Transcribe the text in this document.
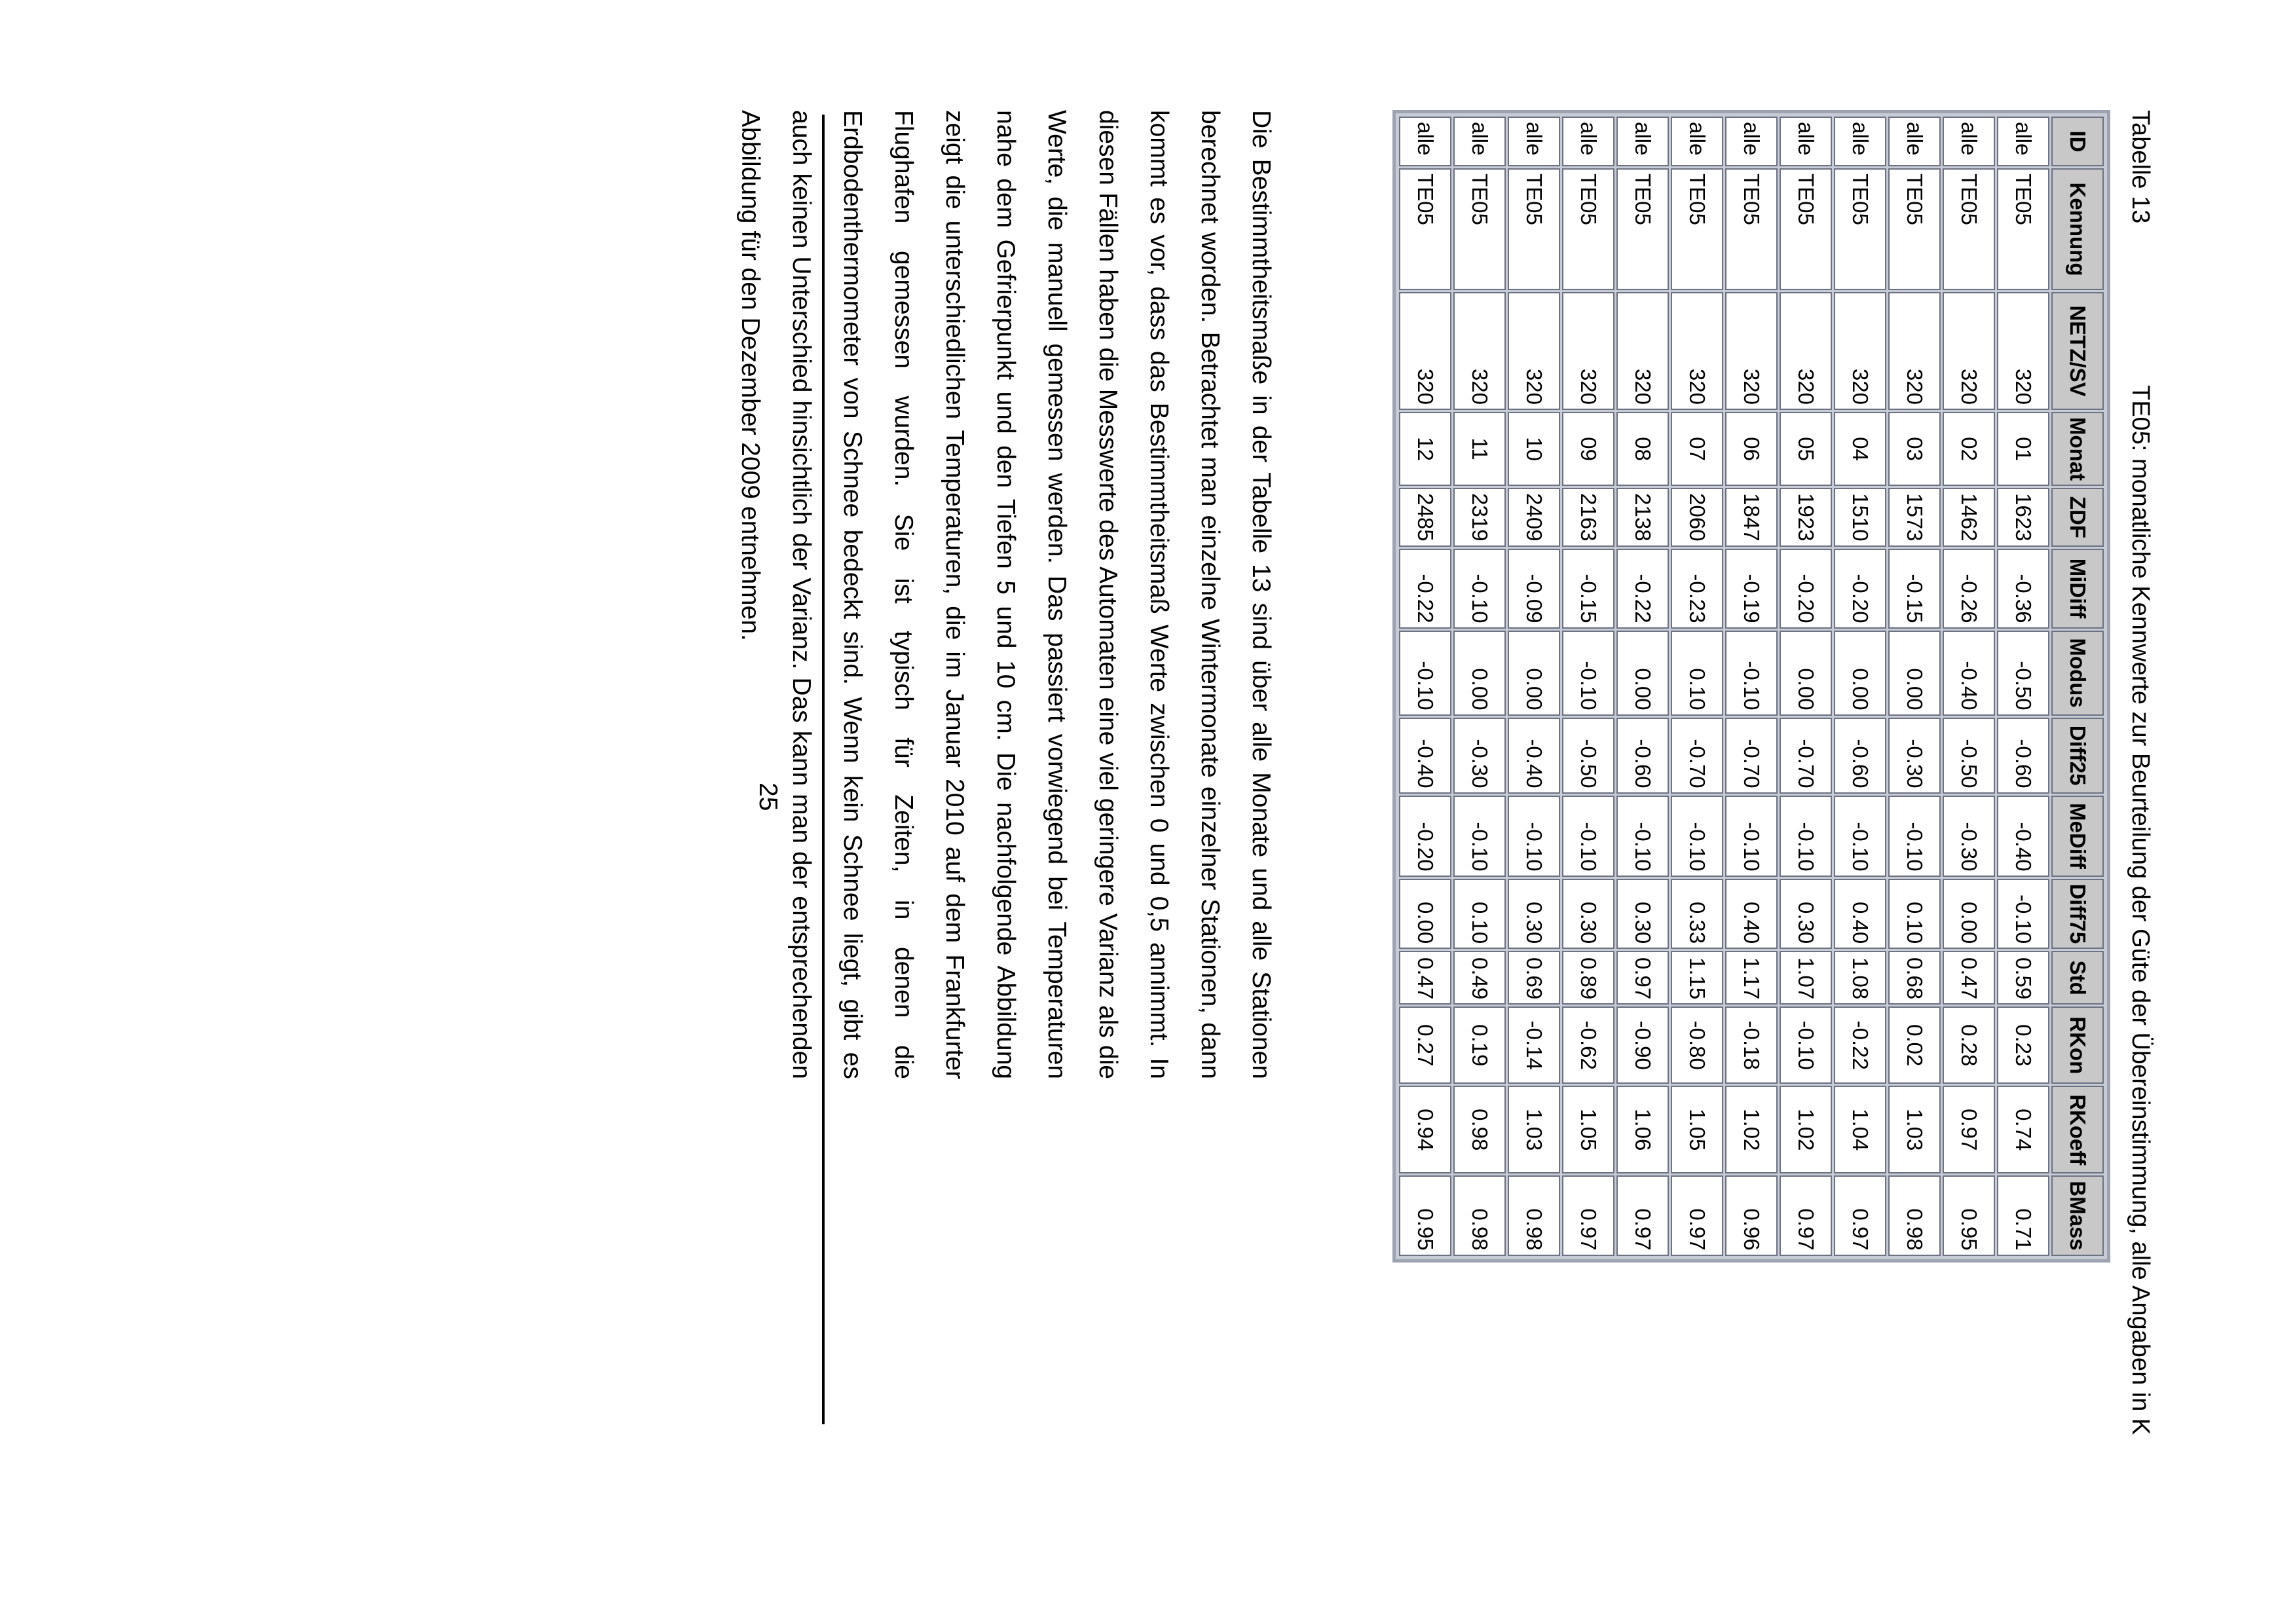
Tabelle 13TE05: monatliche Kennwerte zur Beurteilung der Güte der Übereinstimmung, alle Angaben in K
ID	Kennung	NETZ/SV	Monat	ZDF	MiDiff	Modus	Diff25	MeDiff	Diff75	Std	RKon	RKoeff	BMass
alle	TE05	320	01	1623	-0.36	-0.50	-0.60	-0.40	-0.10	0.59	0.23	0.74	0.71
alle	TE05	320	02	1462	-0.26	-0.40	-0.50	-0.30	0.00	0.47	0.28	0.97	0.95
alle	TE05	320	03	1573	-0.15	0.00	-0.30	-0.10	0.10	0.68	0.02	1.03	0.98
alle	TE05	320	04	1510	-0.20	0.00	-0.60	-0.10	0.40	1.08	-0.22	1.04	0.97
alle	TE05	320	05	1923	-0.20	0.00	-0.70	-0.10	0.30	1.07	-0.10	1.02	0.97
alle	TE05	320	06	1847	-0.19	-0.10	-0.70	-0.10	0.40	1.17	-0.18	1.02	0.96
alle	TE05	320	07	2060	-0.23	0.10	-0.70	-0.10	0.33	1.15	-0.80	1.05	0.97
alle	TE05	320	08	2138	-0.22	0.00	-0.60	-0.10	0.30	0.97	-0.90	1.06	0.97
alle	TE05	320	09	2163	-0.15	-0.10	-0.50	-0.10	0.30	0.89	-0.62	1.05	0.97
alle	TE05	320	10	2409	-0.09	0.00	-0.40	-0.10	0.30	0.69	-0.14	1.03	0.98
alle	TE05	320	11	2319	-0.10	0.00	-0.30	-0.10	0.10	0.49	0.19	0.98	0.98
alle	TE05	320	12	2485	-0.22	-0.10	-0.40	-0.20	0.00	0.47	0.27	0.94	0.95

Die Bestimmtheitsmaße in der Tabelle 13 sind über alle Monate und alle Stationen berechnet worden. Betrachtet man einzelne Wintermonate einzelner Stationen, dann kommt es vor, dass das Bestimmtheitsmaß Werte zwischen 0 und 0,5 annimmt. In diesen Fällen haben die Messwerte des Automaten eine viel geringere Varianz als die Werte, die manuell gemessen werden. Das passiert vorwiegend bei Temperaturen nahe dem Gefrierpunkt und den Tiefen 5 und 10 cm. Die nachfolgende Abbildung zeigt die unterschiedlichen Temperaturen, die im Januar 2010 auf dem Frankfurter Flughafen gemessen wurden. Sie ist typisch für Zeiten, in denen die Erdbodenthermometer von Schnee bedeckt sind. Wenn kein Schnee liegt, gibt es auch keinen Unterschied hinsichtlich der Varianz. Das kann man der entsprechenden Abbildung für den Dezember 2009 entnehmen.

25
